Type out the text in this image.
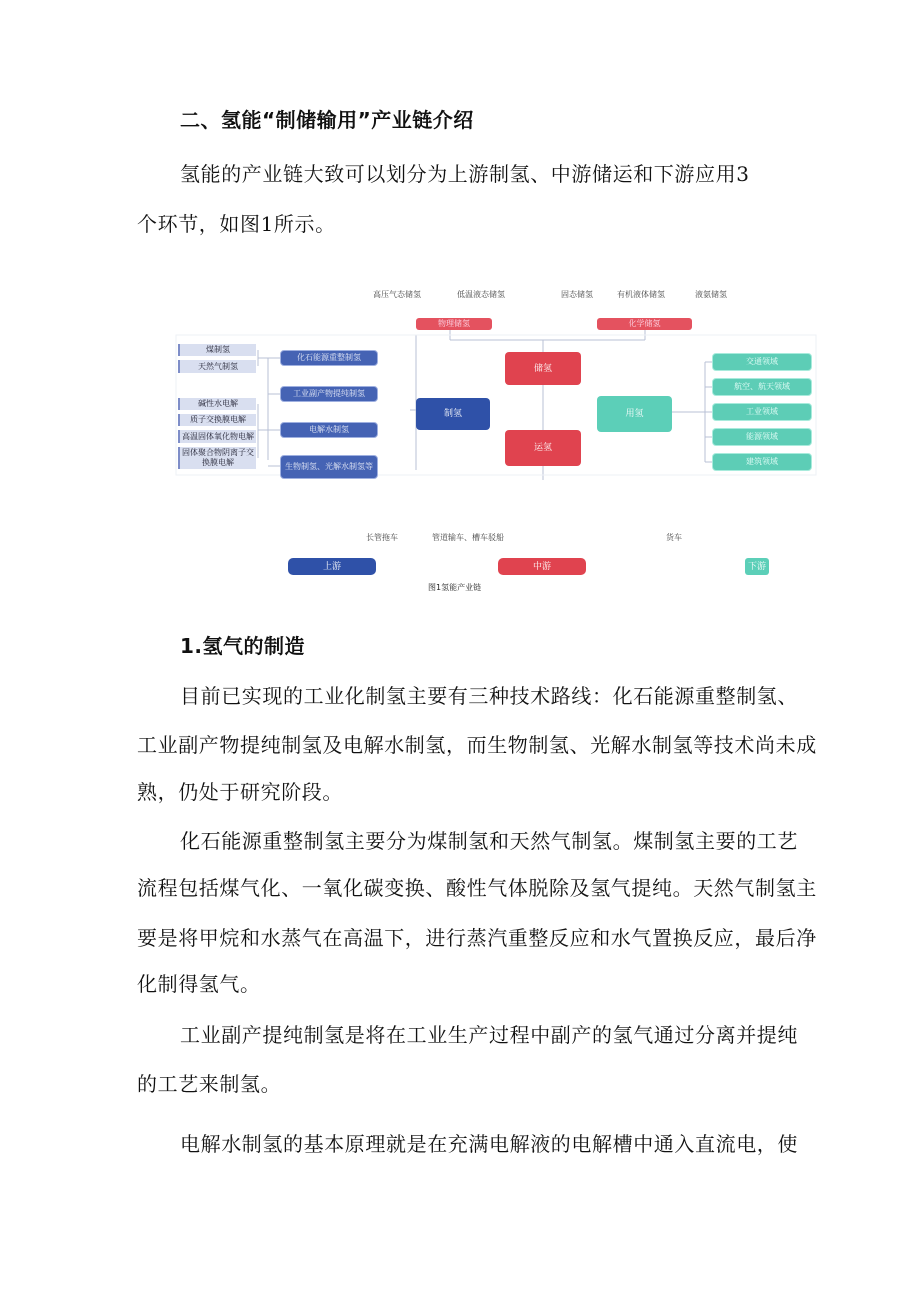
二、氢能“制储输用”产业链介绍
氢能的产业链大致可以划分为上游制氢、中游储运和下游应用3
个环节，如图1所示。
高压气态储氢	低温液态储氢	固态储氢	有机液体储氢	液氨储氢
物理储氢	化学储氢
煤制氢
天然气制氢
碱性水电解
质子交换膜电解
高温固体氧化物电解
固体聚合物阴离子交换膜电解
化石能源重整制氢
工业副产物提纯制氢
电解水制氢
生物制氢、光解水制氢等
制氢
储氢
运氢
用氢
交通领域
航空、航天领域
工业领域
能源领域
建筑领域
长管拖车	管道输车、槽车驳船	货车
上游	中游	下游
图1氢能产业链
1.氢气的制造
目前已实现的工业化制氢主要有三种技术路线：化石能源重整制氢、
工业副产物提纯制氢及电解水制氢，而生物制氢、光解水制氢等技术尚未成
熟，仍处于研究阶段。
化石能源重整制氢主要分为煤制氢和天然气制氢。煤制氢主要的工艺
流程包括煤气化、一氧化碳变换、酸性气体脱除及氢气提纯。天然气制氢主
要是将甲烷和水蒸气在高温下，进行蒸汽重整反应和水气置换反应，最后净
化制得氢气。
工业副产提纯制氢是将在工业生产过程中副产的氢气通过分离并提纯
的工艺来制氢。
电解水制氢的基本原理就是在充满电解液的电解槽中通入直流电，使
